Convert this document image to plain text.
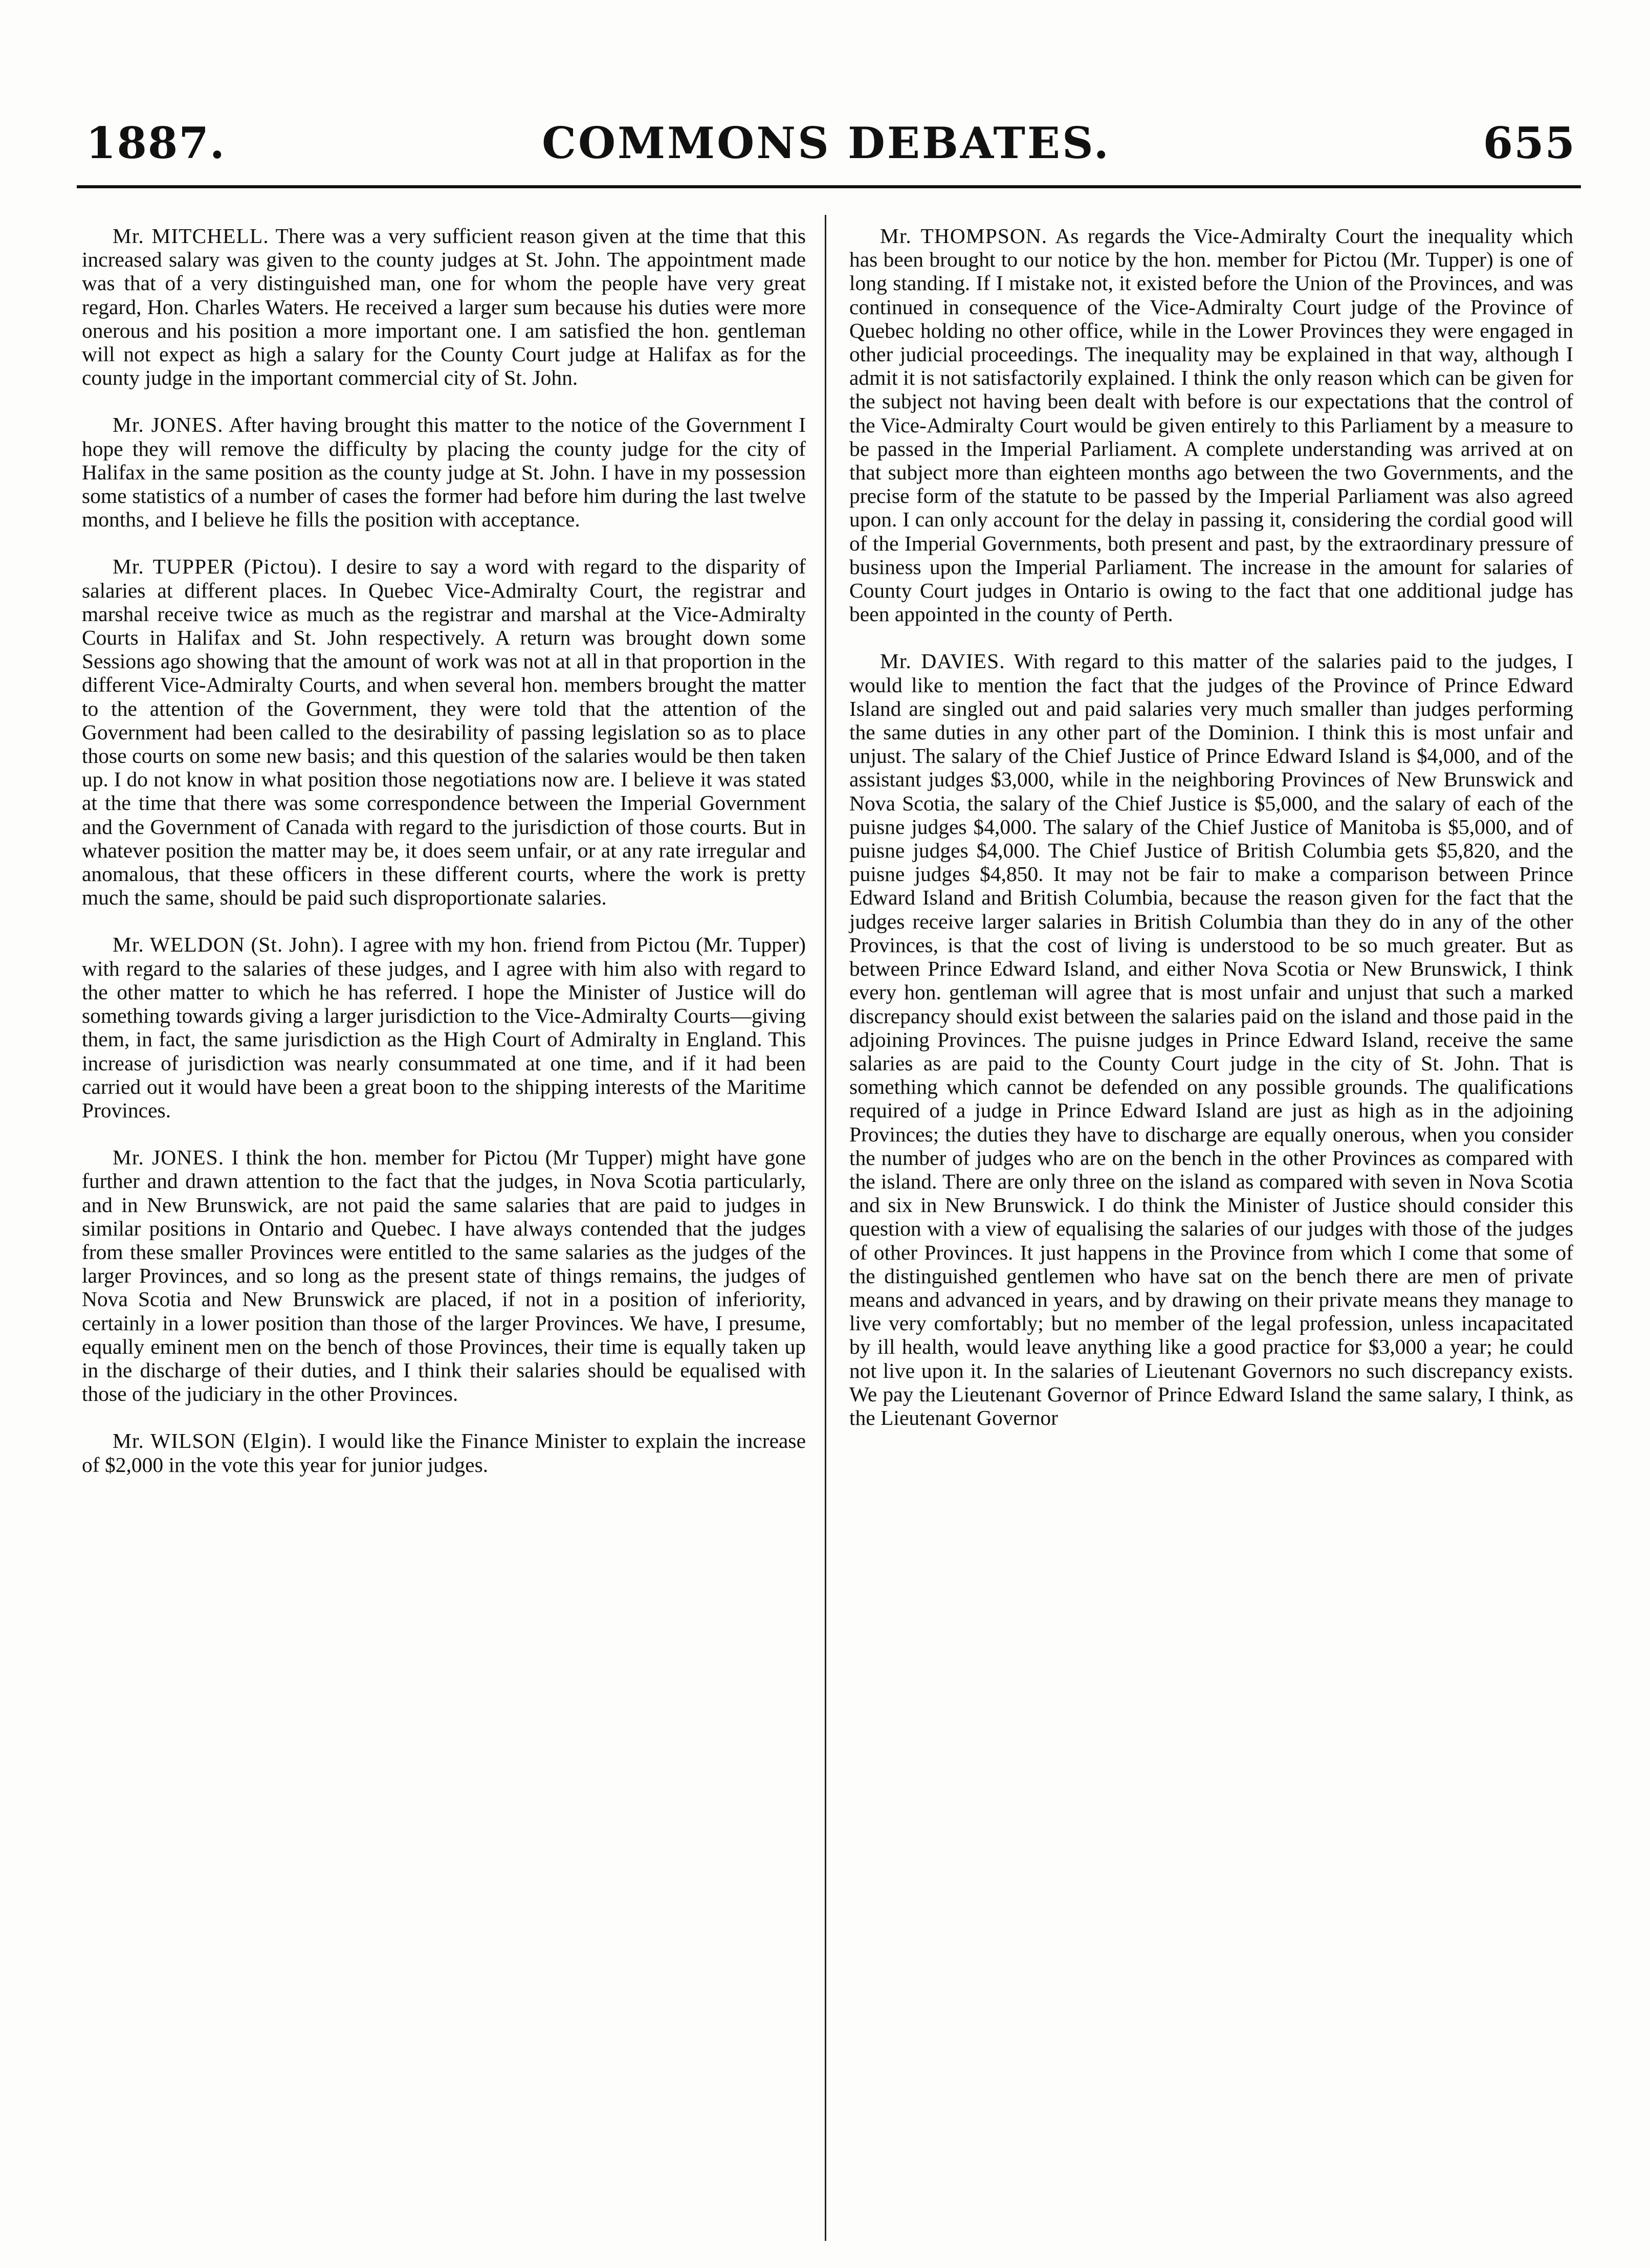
1887.	COMMONS DEBATES.	655

Mr. MITCHELL. There was a very sufficient reason given at the time that this increased salary was given to the county judges at St. John. The appointment made was that of a very distinguished man, one for whom the people have very great regard, Hon. Charles Waters. He received a larger sum because his duties were more onerous and his position a more important one. I am satisfied the hon. gentleman will not expect as high a salary for the County Court judge at Halifax as for the county judge in the important commercial city of St. John.

Mr. JONES. After having brought this matter to the notice of the Government I hope they will remove the difficulty by placing the county judge for the city of Halifax in the same position as the county judge at St. John. I have in my possession some statistics of a number of cases the former had before him during the last twelve months, and I believe he fills the position with acceptance.

Mr. TUPPER (Pictou). I desire to say a word with regard to the disparity of salaries at different places. In Quebec Vice-Admiralty Court, the registrar and marshal receive twice as much as the registrar and marshal at the Vice-Admiralty Courts in Halifax and St. John respectively. A return was brought down some Sessions ago showing that the amount of work was not at all in that proportion in the different Vice-Admiralty Courts, and when several hon. members brought the matter to the attention of the Government, they were told that the attention of the Government had been called to the desirability of passing legislation so as to place those courts on some new basis; and this question of the salaries would be then taken up. I do not know in what position those negotiations now are. I believe it was stated at the time that there was some correspondence between the Imperial Government and the Government of Canada with regard to the jurisdiction of those courts. But in whatever position the matter may be, it does seem unfair, or at any rate irregular and anomalous, that these officers in these different courts, where the work is pretty much the same, should be paid such disproportionate salaries.

Mr. WELDON (St. John). I agree with my hon. friend from Pictou (Mr. Tupper) with regard to the salaries of these judges, and I agree with him also with regard to the other matter to which he has referred. I hope the Minister of Justice will do something towards giving a larger jurisdiction to the Vice-Admiralty Courts—giving them, in fact, the same jurisdiction as the High Court of Admiralty in England. This increase of jurisdiction was nearly consummated at one time, and if it had been carried out it would have been a great boon to the shipping interests of the Maritime Provinces.

Mr. JONES. I think the hon. member for Pictou (Mr Tupper) might have gone further and drawn attention to the fact that the judges, in Nova Scotia particularly, and in New Brunswick, are not paid the same salaries that are paid to judges in similar positions in Ontario and Quebec. I have always contended that the judges from these smaller Provinces were entitled to the same salaries as the judges of the larger Provinces, and so long as the present state of things remains, the judges of Nova Scotia and New Brunswick are placed, if not in a position of inferiority, certainly in a lower position than those of the larger Provinces. We have, I presume, equally eminent men on the bench of those Provinces, their time is equally taken up in the discharge of their duties, and I think their salaries should be equalised with those of the judiciary in the other Provinces.

Mr. WILSON (Elgin). I would like the Finance Minister to explain the increase of $2,000 in the vote this year for junior judges.

Mr. THOMPSON. As regards the Vice-Admiralty Court the inequality which has been brought to our notice by the hon. member for Pictou (Mr. Tupper) is one of long standing. If I mistake not, it existed before the Union of the Provinces, and was continued in consequence of the Vice-Admiralty Court judge of the Province of Quebec holding no other office, while in the Lower Provinces they were engaged in other judicial proceedings. The inequality may be explained in that way, although I admit it is not satisfactorily explained. I think the only reason which can be given for the subject not having been dealt with before is our expectations that the control of the Vice-Admiralty Court would be given entirely to this Parliament by a measure to be passed in the Imperial Parliament. A complete understanding was arrived at on that subject more than eighteen months ago between the two Governments, and the precise form of the statute to be passed by the Imperial Parliament was also agreed upon. I can only account for the delay in passing it, considering the cordial good will of the Imperial Governments, both present and past, by the extraordinary pressure of business upon the Imperial Parliament. The increase in the amount for salaries of County Court judges in Ontario is owing to the fact that one additional judge has been appointed in the county of Perth.

Mr. DAVIES. With regard to this matter of the salaries paid to the judges, I would like to mention the fact that the judges of the Province of Prince Edward Island are singled out and paid salaries very much smaller than judges performing the same duties in any other part of the Dominion. I think this is most unfair and unjust. The salary of the Chief Justice of Prince Edward Island is $4,000, and of the assistant judges $3,000, while in the neighboring Provinces of New Brunswick and Nova Scotia, the salary of the Chief Justice is $5,000, and the salary of each of the puisne judges $4,000. The salary of the Chief Justice of Manitoba is $5,000, and of puisne judges $4,000. The Chief Justice of British Columbia gets $5,820, and the puisne judges $4,850. It may not be fair to make a comparison between Prince Edward Island and British Columbia, because the reason given for the fact that the judges receive larger salaries in British Columbia than they do in any of the other Provinces, is that the cost of living is understood to be so much greater. But as between Prince Edward Island, and either Nova Scotia or New Brunswick, I think every hon. gentleman will agree that is most unfair and unjust that such a marked discrepancy should exist between the salaries paid on the island and those paid in the adjoining Provinces. The puisne judges in Prince Edward Island, receive the same salaries as are paid to the County Court judge in the city of St. John. That is something which cannot be defended on any possible grounds. The qualifications required of a judge in Prince Edward Island are just as high as in the adjoining Provinces; the duties they have to discharge are equally onerous, when you consider the number of judges who are on the bench in the other Provinces as compared with the island. There are only three on the island as compared with seven in Nova Scotia and six in New Brunswick. I do think the Minister of Justice should consider this question with a view of equalising the salaries of our judges with those of the judges of other Provinces. It just happens in the Province from which I come that some of the distinguished gentlemen who have sat on the bench there are men of private means and advanced in years, and by drawing on their private means they manage to live very comfortably; but no member of the legal profession, unless incapacitated by ill health, would leave anything like a good practice for $3,000 a year; he could not live upon it. In the salaries of Lieutenant Governors no such discrepancy exists. We pay the Lieutenant Governor of Prince Edward Island the same salary, I think, as the Lieutenant Governor
